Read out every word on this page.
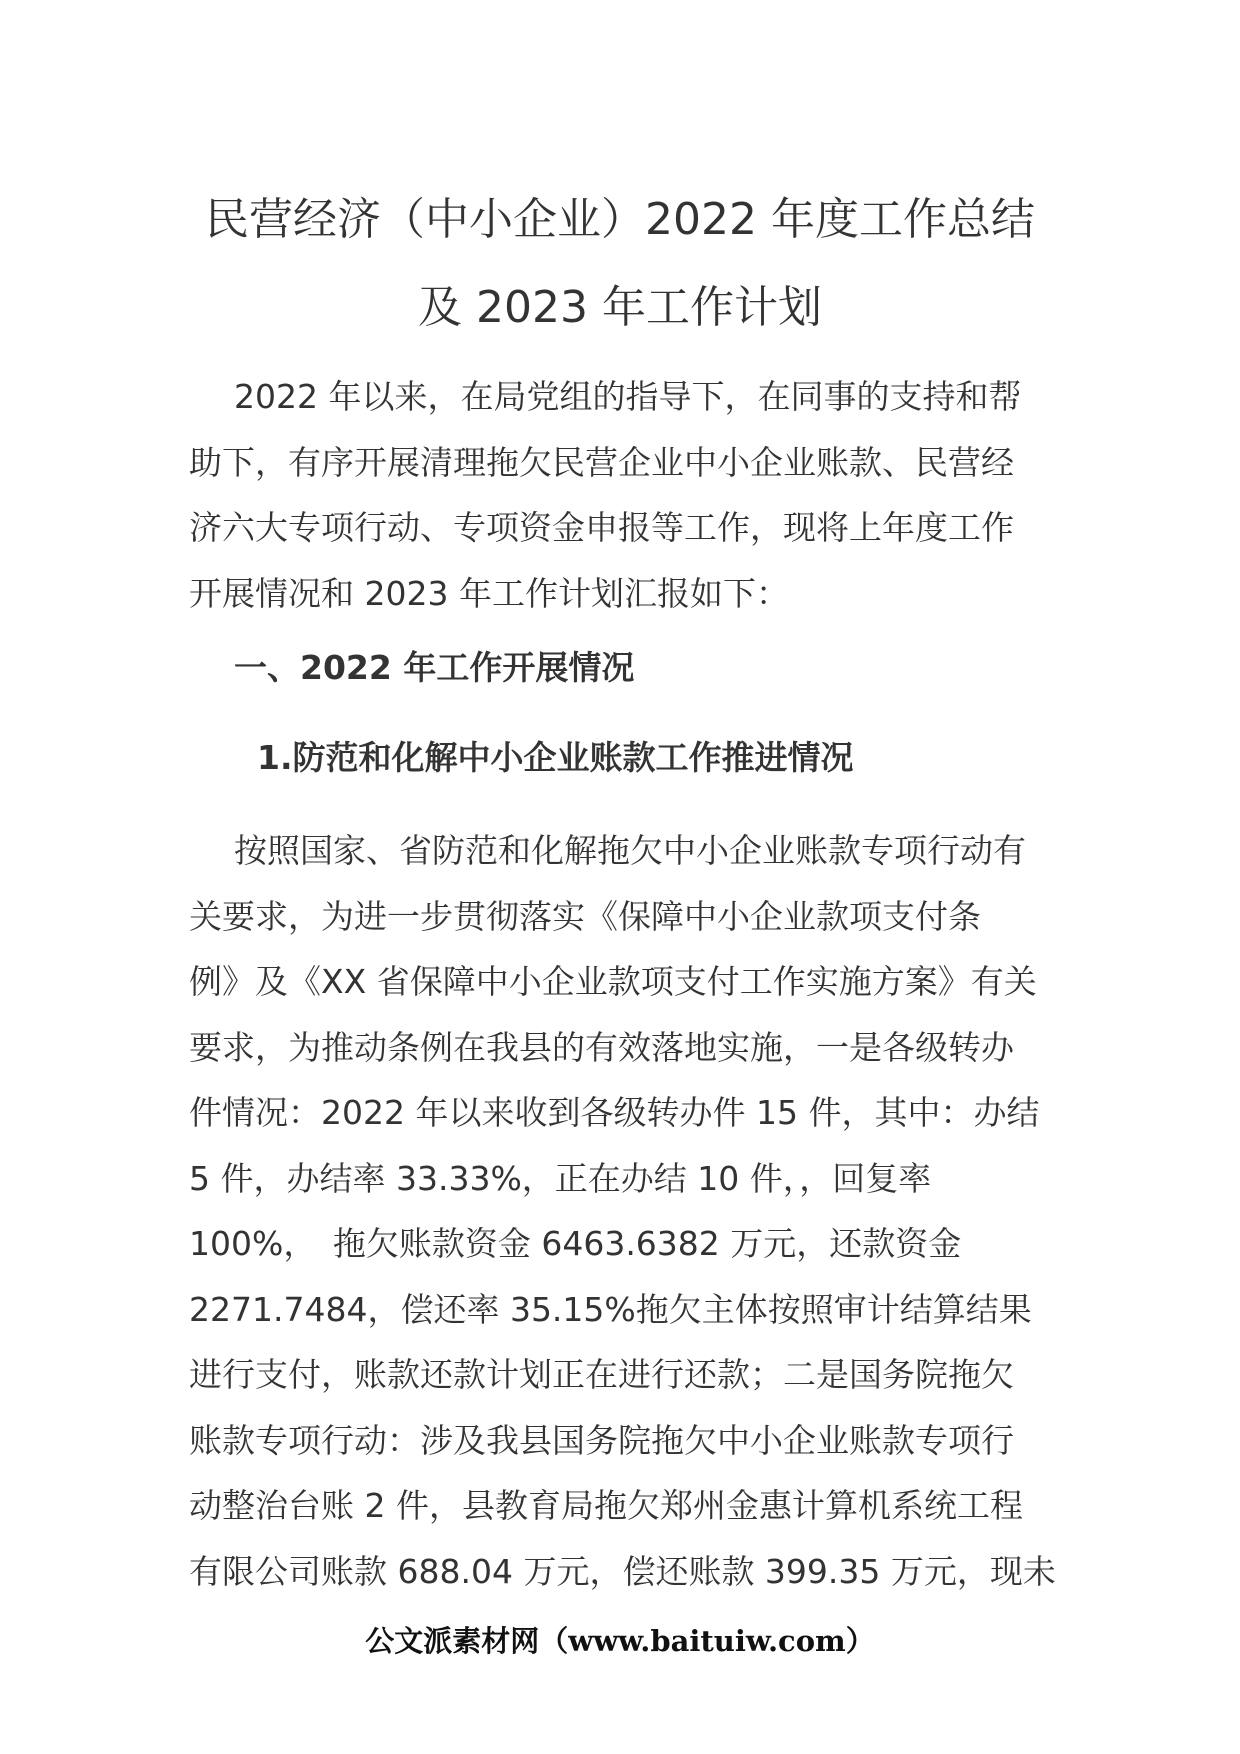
民营经济（中小企业）2022 年度工作总结
及 2023 年工作计划
2022 年以来，在局党组的指导下，在同事的支持和帮
助下，有序开展清理拖欠民营企业中小企业账款、民营经
济六大专项行动、专项资金申报等工作，现将上年度工作
开展情况和 2023 年工作计划汇报如下：
一、2022 年工作开展情况
1.防范和化解中小企业账款工作推进情况
按照国家、省防范和化解拖欠中小企业账款专项行动有
关要求，为进一步贯彻落实《保障中小企业款项支付条
例》及《XX 省保障中小企业款项支付工作实施方案》有关
要求，为推动条例在我县的有效落地实施，一是各级转办
件情况：2022 年以来收到各级转办件 15 件，其中：办结
5 件，办结率 33.33%，正在办结 10 件，，回复率
100%，　拖欠账款资金 6463.6382 万元，还款资金
2271.7484，偿还率 35.15%拖欠主体按照审计结算结果
进行支付，账款还款计划正在进行还款；二是国务院拖欠
账款专项行动：涉及我县国务院拖欠中小企业账款专项行
动整治台账 2 件，县教育局拖欠郑州金惠计算机系统工程
有限公司账款 688.04 万元，偿还账款 399.35 万元，现未
公文派素材网（www.baituiw.com）
